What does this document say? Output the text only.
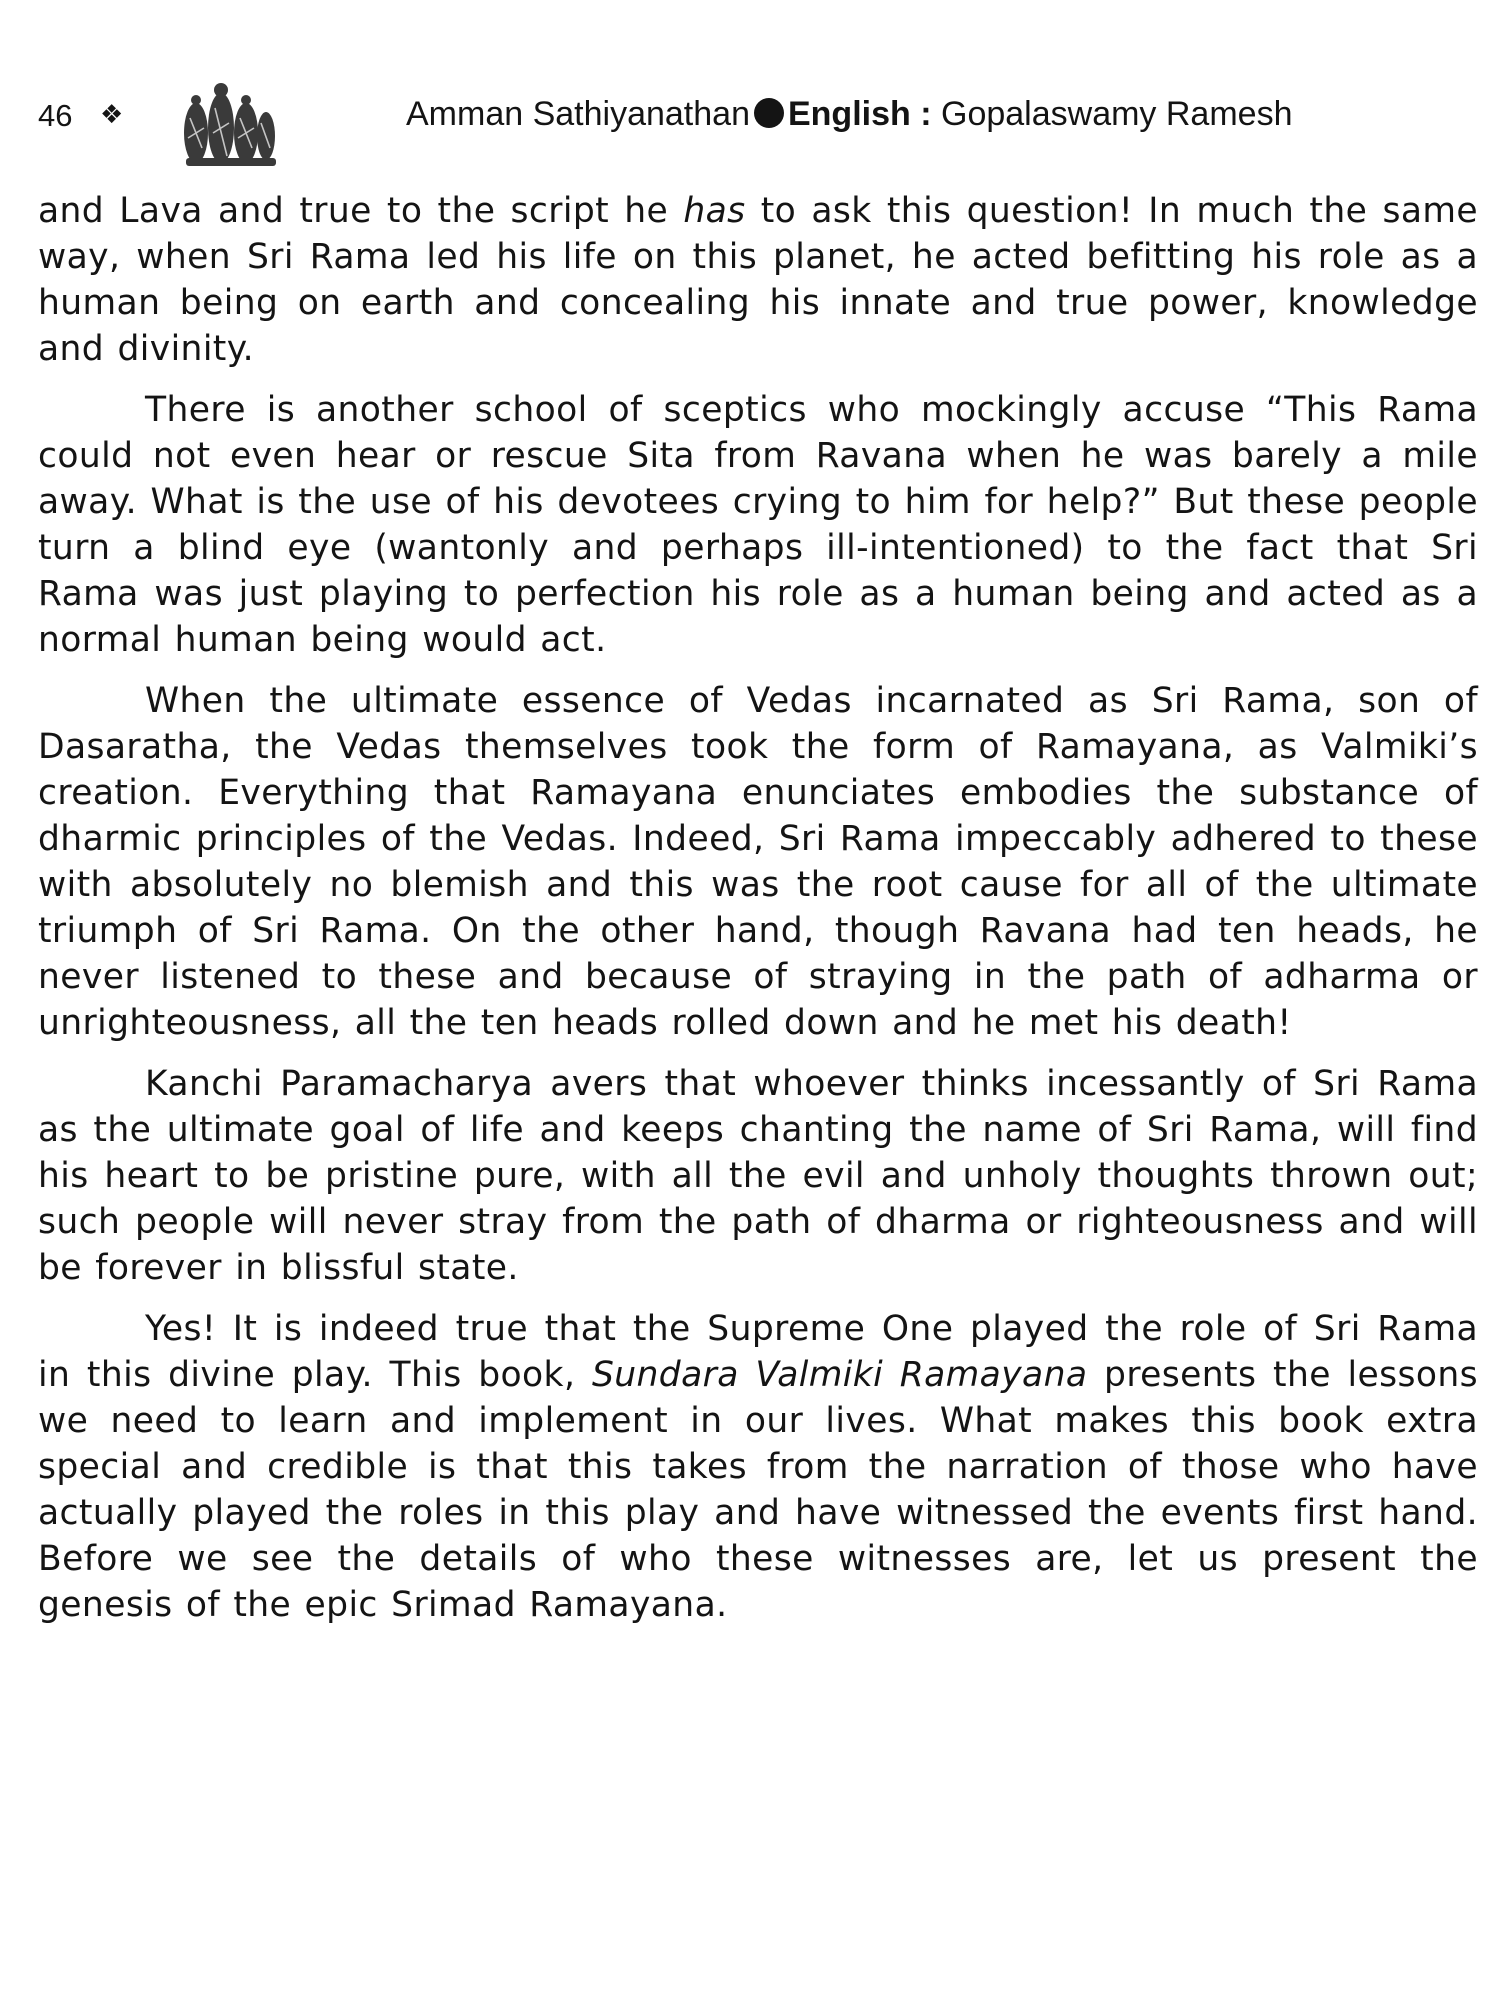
46 ❖	Amman Sathiyanathan English : Gopalaswamy Ramesh

and Lava and true to the script he has to ask this question! In much the same way, when Sri Rama led his life on this planet, he acted befitting his role as a human being on earth and concealing his innate and true power, knowledge and divinity.

There is another school of sceptics who mockingly accuse “This Rama could not even hear or rescue Sita from Ravana when he was barely a mile away. What is the use of his devotees crying to him for help?” But these people turn a blind eye (wantonly and perhaps ill-intentioned) to the fact that Sri Rama was just playing to perfection his role as a human being and acted as a normal human being would act.

When the ultimate essence of Vedas incarnated as Sri Rama, son of Dasaratha, the Vedas themselves took the form of Ramayana, as Valmiki’s creation. Everything that Ramayana enunciates embodies the substance of dharmic principles of the Vedas. Indeed, Sri Rama impeccably adhered to these with absolutely no blemish and this was the root cause for all of the ultimate triumph of Sri Rama. On the other hand, though Ravana had ten heads, he never listened to these and because of straying in the path of adharma or unrighteousness, all the ten heads rolled down and he met his death!

Kanchi Paramacharya avers that whoever thinks incessantly of Sri Rama as the ultimate goal of life and keeps chanting the name of Sri Rama, will find his heart to be pristine pure, with all the evil and unholy thoughts thrown out; such people will never stray from the path of dharma or righteousness and will be forever in blissful state.

Yes! It is indeed true that the Supreme One played the role of Sri Rama in this divine play. This book, Sundara Valmiki Ramayana presents the lessons we need to learn and implement in our lives. What makes this book extra special and credible is that this takes from the narration of those who have actually played the roles in this play and have witnessed the events first hand. Before we see the details of who these witnesses are, let us present the genesis of the epic Srimad Ramayana.
